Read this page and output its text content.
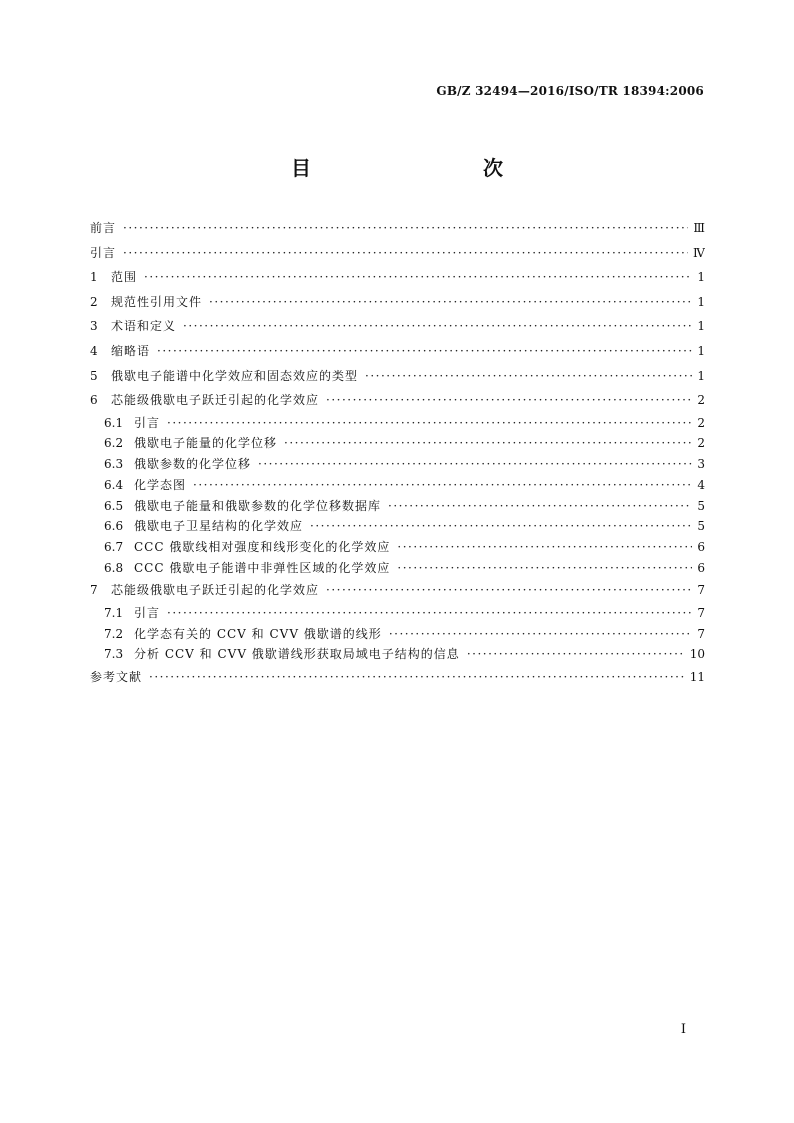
GB/Z 32494—2016/ISO/TR 18394:2006
目　　次
前言 ·····	Ⅲ
引言 ·····	Ⅳ
1	范围 ·····	1
2	规范性引用文件 ·····	1
3	术语和定义 ·····	1
4	缩略语 ·····	1
5	俄歇电子能谱中化学效应和固态效应的类型 ·····	1
6	芯能级俄歇电子跃迁引起的化学效应 ·····	2
6.1 引言 ·····	2
6.2 俄歇电子能量的化学位移 ·····	2
6.3 俄歇参数的化学位移 ·····	3
6.4 化学态图 ·····	4
6.5 俄歇电子能量和俄歇参数的化学位移数据库 ·····	5
6.6 俄歇电子卫星结构的化学效应 ·····	5
6.7 CCC 俄歇线相对强度和线形变化的化学效应 ·····	6
6.8 CCC 俄歇电子能谱中非弹性区域的化学效应 ·····	6
7	芯能级俄歇电子跃迁引起的化学效应 ·····	7
7.1 引言 ·····	7
7.2 化学态有关的 CCV 和 CVV 俄歇谱的线形 ·····	7
7.3 分析 CCV 和 CVV 俄歇谱线形获取局域电子结构的信息 ·····	10
参考文献 ·····	11
Ⅰ
